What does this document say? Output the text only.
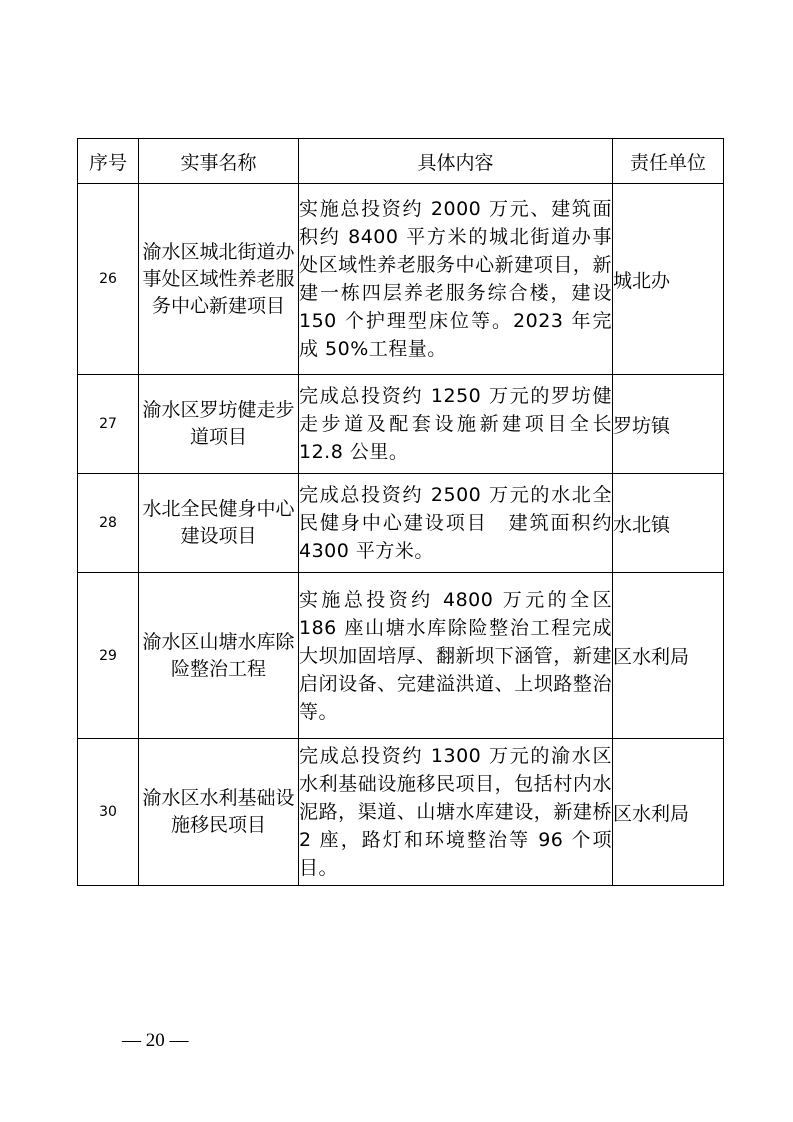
序号	实事名称	具体内容	责任单位
26	渝水区城北街道办事处区域性养老服务中心新建项目	实施总投资约 2000 万元、建筑面积约 8400 平方米的城北街道办事处区域性养老服务中心新建项目，新建一栋四层养老服务综合楼，建设 150 个护理型床位等。2023 年完成 50%工程量。	城北办
27	渝水区罗坊健走步道项目	完成总投资约 1250 万元的罗坊健走步道及配套设施新建项目全长 12.8 公里。	罗坊镇
28	水北全民健身中心建设项目	完成总投资约 2500 万元的水北全民健身中心建设项目　建筑面积约 4300 平方米。	水北镇
29	渝水区山塘水库除险整治工程	实施总投资约 4800 万元的全区 186 座山塘水库除险整治工程完成大坝加固培厚、翻新坝下涵管，新建启闭设备、完建溢洪道、上坝路整治等。	区水利局
30	渝水区水利基础设施移民项目	完成总投资约 1300 万元的渝水区水利基础设施移民项目，包括村内水泥路，渠道、山塘水库建设，新建桥 2 座，路灯和环境整治等 96 个项目。	区水利局
— 20 —
